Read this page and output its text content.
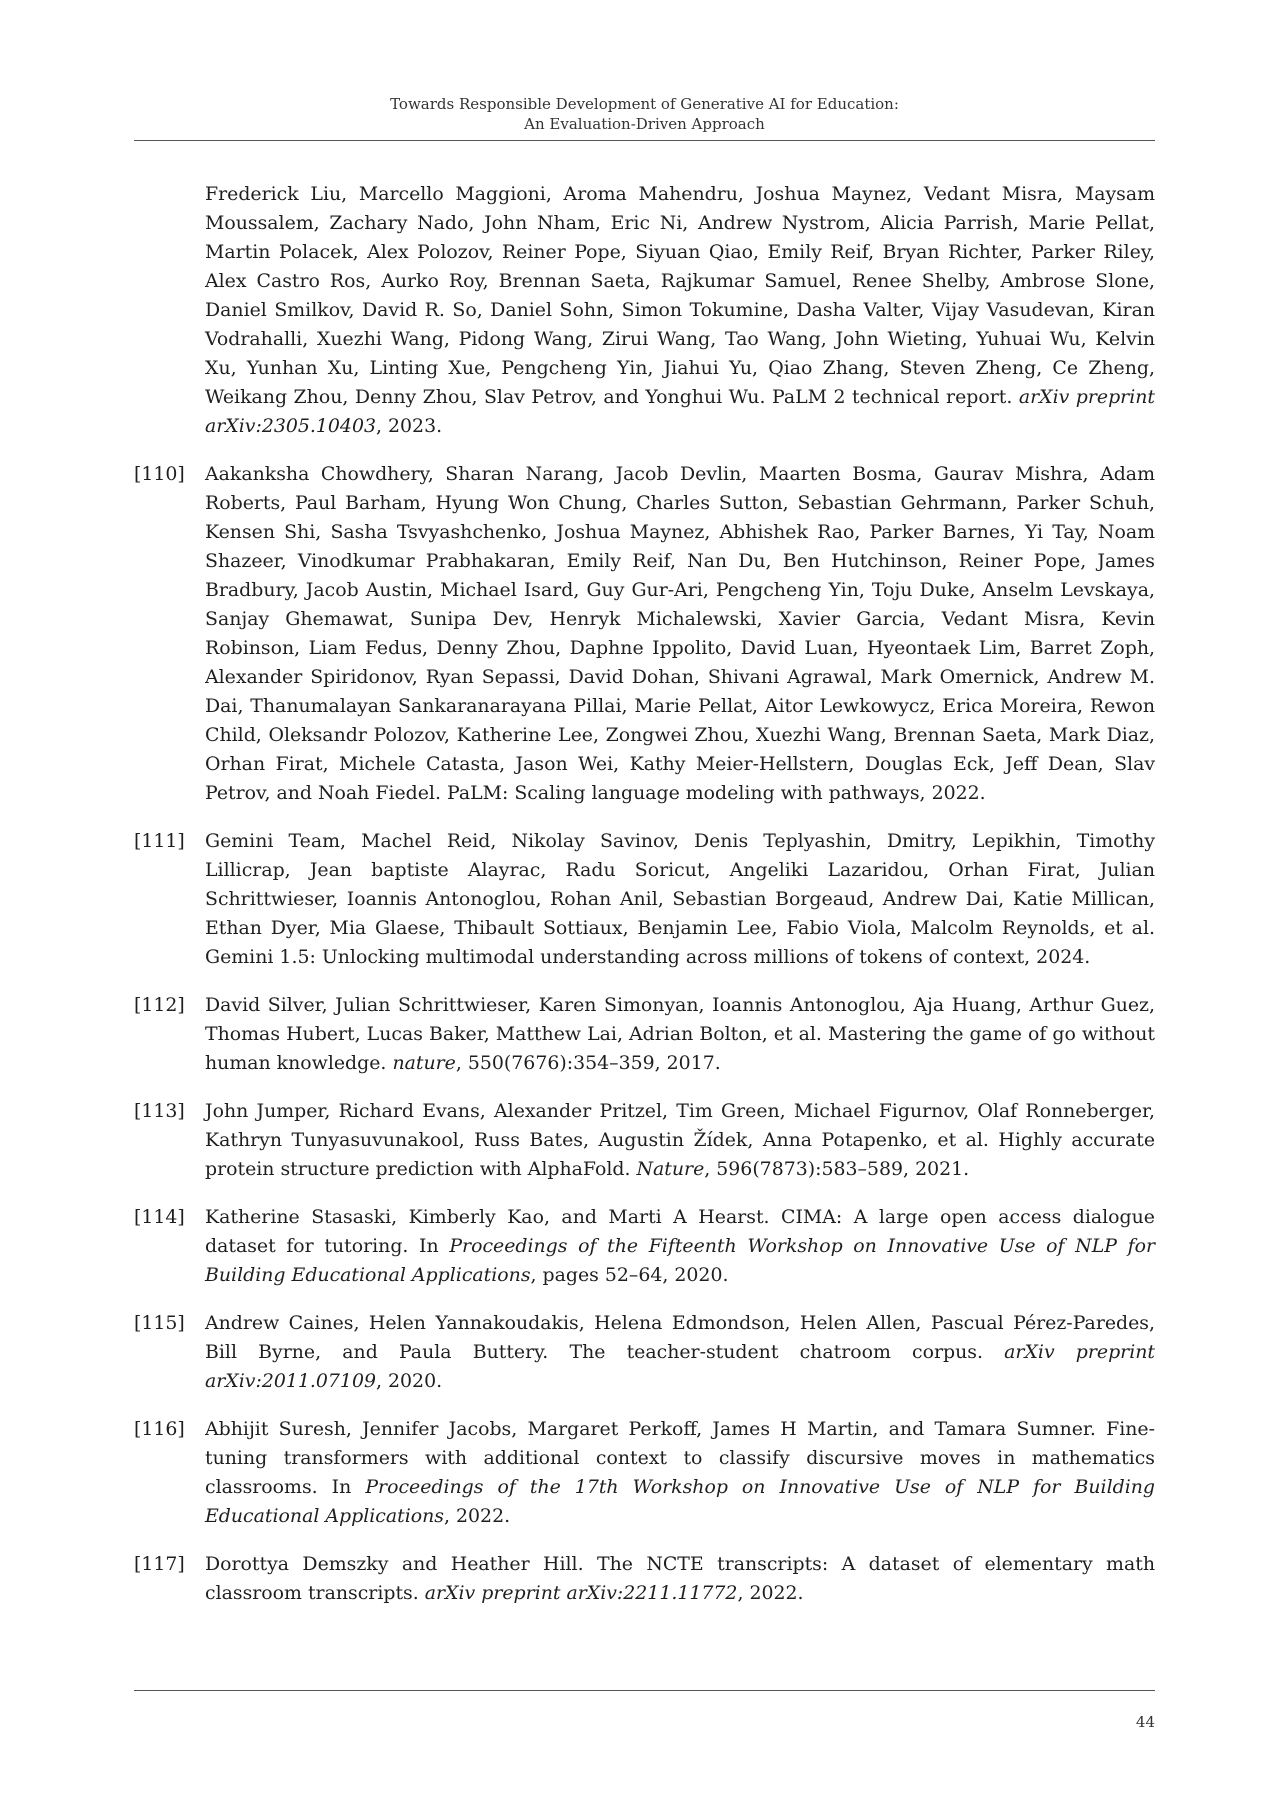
Towards Responsible Development of Generative AI for Education:
An Evaluation-Driven Approach
Frederick Liu, Marcello Maggioni, Aroma Mahendru, Joshua Maynez, Vedant Misra, Maysam Moussalem, Zachary Nado, John Nham, Eric Ni, Andrew Nystrom, Alicia Parrish, Marie Pellat, Martin Polacek, Alex Polozov, Reiner Pope, Siyuan Qiao, Emily Reif, Bryan Richter, Parker Riley, Alex Castro Ros, Aurko Roy, Brennan Saeta, Rajkumar Samuel, Renee Shelby, Ambrose Slone, Daniel Smilkov, David R. So, Daniel Sohn, Simon Tokumine, Dasha Valter, Vijay Vasudevan, Kiran Vodrahalli, Xuezhi Wang, Pidong Wang, Zirui Wang, Tao Wang, John Wieting, Yuhuai Wu, Kelvin Xu, Yunhan Xu, Linting Xue, Pengcheng Yin, Jiahui Yu, Qiao Zhang, Steven Zheng, Ce Zheng, Weikang Zhou, Denny Zhou, Slav Petrov, and Yonghui Wu. PaLM 2 technical report. arXiv preprint arXiv:2305.10403, 2023.
[110] Aakanksha Chowdhery, Sharan Narang, Jacob Devlin, Maarten Bosma, Gaurav Mishra, Adam Roberts, Paul Barham, Hyung Won Chung, Charles Sutton, Sebastian Gehrmann, Parker Schuh, Kensen Shi, Sasha Tsvyashchenko, Joshua Maynez, Abhishek Rao, Parker Barnes, Yi Tay, Noam Shazeer, Vinodkumar Prabhakaran, Emily Reif, Nan Du, Ben Hutchinson, Reiner Pope, James Bradbury, Jacob Austin, Michael Isard, Guy Gur-Ari, Pengcheng Yin, Toju Duke, Anselm Levskaya, Sanjay Ghemawat, Sunipa Dev, Henryk Michalewski, Xavier Garcia, Vedant Misra, Kevin Robinson, Liam Fedus, Denny Zhou, Daphne Ippolito, David Luan, Hyeontaek Lim, Barret Zoph, Alexander Spiridonov, Ryan Sepassi, David Dohan, Shivani Agrawal, Mark Omernick, Andrew M. Dai, Thanumalayan Sankaranarayana Pillai, Marie Pellat, Aitor Lewkowycz, Erica Moreira, Rewon Child, Oleksandr Polozov, Katherine Lee, Zongwei Zhou, Xuezhi Wang, Brennan Saeta, Mark Diaz, Orhan Firat, Michele Catasta, Jason Wei, Kathy Meier-Hellstern, Douglas Eck, Jeff Dean, Slav Petrov, and Noah Fiedel. PaLM: Scaling language modeling with pathways, 2022.
[111] Gemini Team, Machel Reid, Nikolay Savinov, Denis Teplyashin, Dmitry, Lepikhin, Timothy Lillicrap, Jean baptiste Alayrac, Radu Soricut, Angeliki Lazaridou, Orhan Firat, Julian Schrittwieser, Ioannis Antonoglou, Rohan Anil, Sebastian Borgeaud, Andrew Dai, Katie Millican, Ethan Dyer, Mia Glaese, Thibault Sottiaux, Benjamin Lee, Fabio Viola, Malcolm Reynolds, et al. Gemini 1.5: Unlocking multimodal understanding across millions of tokens of context, 2024.
[112] David Silver, Julian Schrittwieser, Karen Simonyan, Ioannis Antonoglou, Aja Huang, Arthur Guez, Thomas Hubert, Lucas Baker, Matthew Lai, Adrian Bolton, et al. Mastering the game of go without human knowledge. nature, 550(7676):354–359, 2017.
[113] John Jumper, Richard Evans, Alexander Pritzel, Tim Green, Michael Figurnov, Olaf Ronneberger, Kathryn Tunyasuvunakool, Russ Bates, Augustin Žídek, Anna Potapenko, et al. Highly accurate protein structure prediction with AlphaFold. Nature, 596(7873):583–589, 2021.
[114] Katherine Stasaski, Kimberly Kao, and Marti A Hearst. CIMA: A large open access dialogue dataset for tutoring. In Proceedings of the Fifteenth Workshop on Innovative Use of NLP for Building Educational Applications, pages 52–64, 2020.
[115] Andrew Caines, Helen Yannakoudakis, Helena Edmondson, Helen Allen, Pascual Pérez-Paredes, Bill Byrne, and Paula Buttery. The teacher-student chatroom corpus. arXiv preprint arXiv:2011.07109, 2020.
[116] Abhijit Suresh, Jennifer Jacobs, Margaret Perkoff, James H Martin, and Tamara Sumner. Fine-tuning transformers with additional context to classify discursive moves in mathematics classrooms. In Proceedings of the 17th Workshop on Innovative Use of NLP for Building Educational Applications, 2022.
[117] Dorottya Demszky and Heather Hill. The NCTE transcripts: A dataset of elementary math classroom transcripts. arXiv preprint arXiv:2211.11772, 2022.
44
